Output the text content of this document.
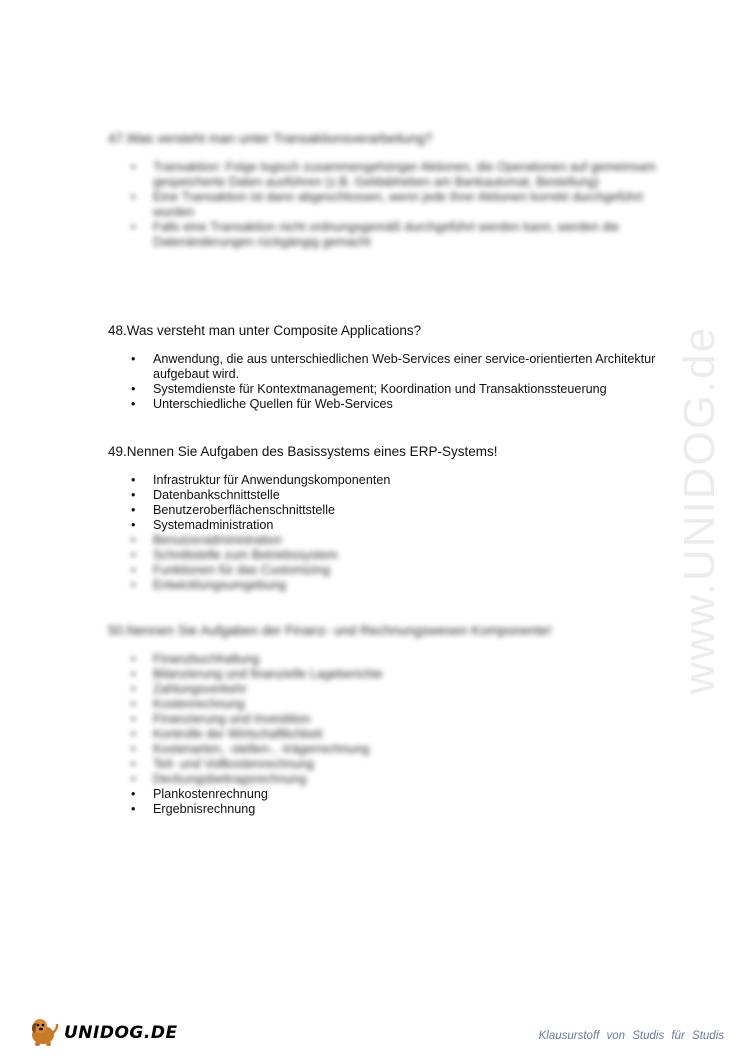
www.UNIDOG.de
47.Was versteht man unter Transaktionsverarbeitung?
• Transaktion: Folge logisch zusammengehöriger Aktionen, die Operationen auf gemeinsam gespeicherte Daten ausführen (z.B. Geldabheben am Bankautomat, Bestellung)
• Eine Transaktion ist dann abgeschlossen, wenn jede ihrer Aktionen korrekt durchgeführt wurden
• Falls eine Transaktion nicht ordnungsgemäß durchgeführt werden kann, werden die Datenänderungen rückgängig gemacht
48.Was versteht man unter Composite Applications?
• Anwendung, die aus unterschiedlichen Web-Services einer service-orientierten Architektur aufgebaut wird.
• Systemdienste für Kontextmanagement; Koordination und Transaktionssteuerung
• Unterschiedliche Quellen für Web-Services
49.Nennen Sie Aufgaben des Basissystems eines ERP-Systems!
• Infrastruktur für Anwendungskomponenten
• Datenbankschnittstelle
• Benutzeroberflächenschnittstelle
• Systemadministration
• Benutzeradministration
• Schnittstelle zum Betriebssystem
• Funktionen für das Customizing
• Entwicklungsumgebung
50.Nennen Sie Aufgaben der Finanz- und Rechnungswesen Komponente!
• Finanzbuchhaltung
• Bilanzierung und finanzielle Lageberichte
• Zahlungsverkehr
• Kostenrechnung
• Finanzierung und Investition
• Kontrolle der Wirtschaftlichkeit
• Kostenarten, -stellen-, -trägerrechnung
• Teil- und Vollkostenrechnung
• Deckungsbeitragsrechnung
• Plankostenrechnung
• Ergebnisrechnung
UNIDOG.DE	Klausurstoff von Studis für Studis
